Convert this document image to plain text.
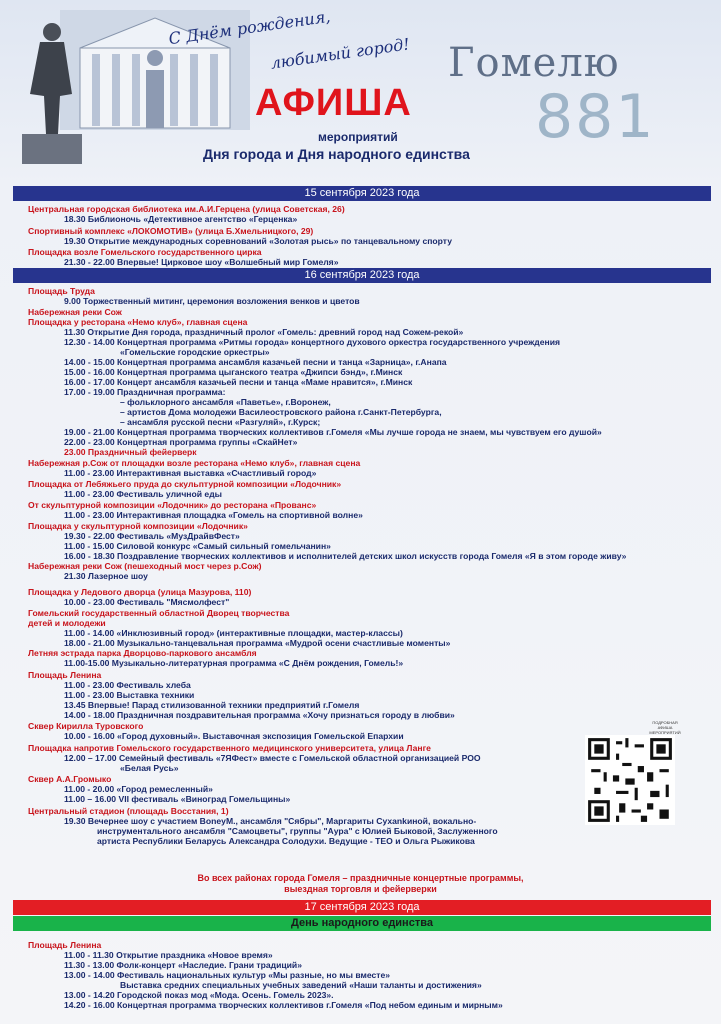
С Днём рождения,
любимый город!
АФИША
мероприятий
Дня города и Дня народного единства
Гомелю
881
15 сентября 2023 года
16 сентября 2023 года
Центральная городская библиотека им.А.И.Герцена (улица Советская, 26)
18.30 Библионочь «Детективное агентство «Герценка»
Спортивный комплекс «ЛОКОМОТИВ» (улица Б.Хмельницкого, 29)
19.30 Открытие международных соревнований «Золотая рысь» по танцевальному спорту
Площадка возле Гомельского государственного цирка
21.30 - 22.00 Впервые! Цирковое шоу «Волшебный мир Гомеля»
Площадь Труда
9.00 Торжественный митинг, церемония возложения венков и цветов
Набережная реки Сож
Площадка у ресторана «Немо клуб», главная сцена
11.30 Открытие Дня города, праздничный пролог «Гомель: древний город над Сожем-рекой»
12.30 - 14.00 Концертная программа «Ритмы города» концертного духового оркестра государственного учреждения
«Гомельские городские оркестры»
14.00 - 15.00 Концертная программа ансамбля казачьей песни и танца «Зарница», г.Анапа
15.00 - 16.00 Концертная программа цыганского театра «Джипси бэнд», г.Минск
16.00 - 17.00 Концерт ансамбля казачьей песни и танца «Маме нравится», г.Минск
17.00 - 19.00 Праздничная программа:
– фольклорного ансамбля «Паветье», г.Воронеж,
– артистов Дома молодежи Василеостровского района г.Санкт-Петербурга,
– ансамбля русской песни «Разгуляй», г.Курск;
19.00 - 21.00 Концертная программа творческих коллективов г.Гомеля «Мы лучше города не знаем, мы чувствуем его душой»
22.00 - 23.00 Концертная программа группы «СкайНет»
23.00 Праздничный фейерверк
Набережная р.Сож от площадки возле ресторана «Немо клуб», главная сцена
11.00 - 23.00 Интерактивная выставка «Счастливый город»
Площадка от Лебяжьего пруда до скульптурной композиции «Лодочник»
11.00 - 23.00 Фестиваль уличной еды
От скульптурной композиции «Лодочник» до ресторана «Прованс»
11.00 - 23.00 Интерактивная площадка «Гомель на спортивной волне»
Площадка у скульптурной композиции «Лодочник»
19.30 - 22.00 Фестиваль «МузДрайвФест»
11.00 - 15.00 Силовой конкурс «Самый сильный гомельчанин»
16.00 - 18.30 Поздравление творческих коллективов и исполнителей детских школ искусств города Гомеля «Я в этом городе живу»
Набережная реки Сож (пешеходный мост через р.Сож)
21.30 Лазерное шоу
Площадка у Ледового дворца (улица Мазурова, 110)
10.00 - 23.00 Фестиваль "Мясмолфест"
Гомельский государственный областной Дворец творчества
детей и молодежи
11.00 - 14.00 «Инклюзивный город» (интерактивные площадки, мастер-классы)
18.00 - 21.00 Музыкально-танцевальная программа «Мудрой осени счастливые моменты»
Летняя эстрада парка Дворцово-паркового ансамбля
11.00-15.00 Музыкально-литературная программа «С Днём рождения, Гомель!»
Площадь Ленина
11.00 - 23.00 Фестиваль хлеба
11.00 - 23.00 Выставка техники
13.45 Впервые! Парад стилизованной техники предприятий г.Гомеля
14.00 - 18.00 Праздничная поздравительная программа «Хочу признаться городу в любви»
Сквер Кирилла Туровского
10.00 - 16.00 «Город духовный». Выставочная экспозиция Гомельской Епархии
Площадка напротив Гомельского государственного медицинского университета, улица Ланге
12.00 – 17.00 Семейный фестиваль «7ЯФест» вместе с Гомельской областной организацией РОО
«Белая Русь»
Сквер А.А.Громыко
11.00 - 20.00 «Город ремесленный»
11.00 – 16.00 VII фестиваль «Виноград Гомельщины»
Центральный стадион (площадь Восстания, 1)
19.30 Вечернее шоу с участием BoneyM., ансамбля "Сябры", Маргариты Сухankиной, вокально-
инструментального ансамбля "Самоцветы", группы "Аура" с Юлией Быковой, Заслуженного
артиста Республики Беларусь Александра Солодухи. Ведущие - ТЕО и Ольга Рыжикова
Площадь Ленина
11.00 - 11.30 Открытие праздника «Новое время»
11.30 - 13.00 Фолк-концерт «Наследие. Грани традиций»
13.00 - 14.00 Фестиваль национальных культур «Мы разные, но мы вместе»
Выставка средних специальных учебных заведений «Наши таланты и достижения»
13.00 - 14.20 Городской показ мод «Мода. Осень. Гомель 2023».
14.20 - 16.00 Концертная программа творческих коллективов г.Гомеля «Под небом единым и мирным»
ПОДРОБНАЯ АФИША МЕРОПРИЯТИЙ
Во всех районах города Гомеля – праздничные концертные программы,
выездная торговля и фейерверки
17 сентября 2023 года
День народного единства
